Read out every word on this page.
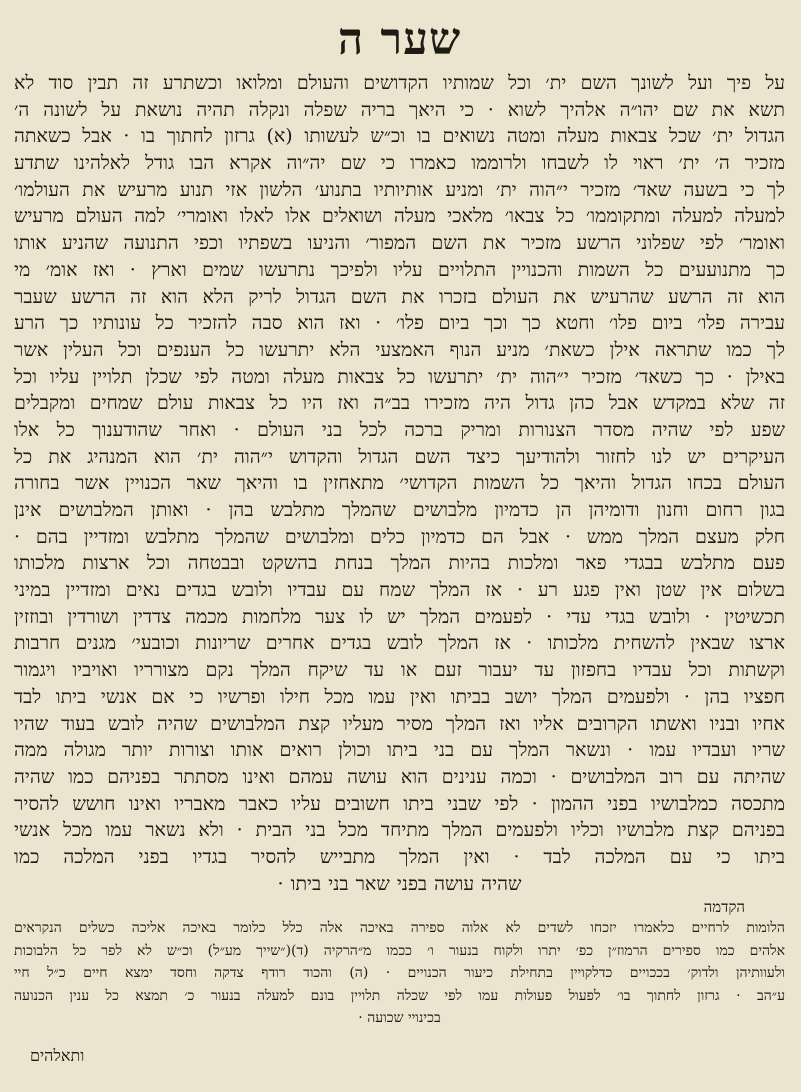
שער ה
על פיך ועל לשונך השם ית׳ וכל שמותיו הקדושים והעולם ומלואו וכשתרע זה תבין סוד לא
תשא את שם יהו״ה אלהיך לשוא · כי היאך בריה שפלה ונקלה תהיה נושאת על לשונה ה׳
הגדול ית׳ שכל צבאות מעלה ומטה נשואים בו וכ״ש לעשותו (א) גרזון לחתוך בו · אבל כשאתה
מזכיר ה׳ ית׳ ראוי לו לשבחו ולרוממו כאמרו כי שם יה״וה אקרא הבו גודל לאלהינו שתדע
לך כי בשעה שאד׳ מזכיר י״הוה ית׳ ומניע אותיותיו בתנוע׳ הלשון אזי תנוע מרעיש את העולמו׳
למעלה למעלה ומתקוממו׳ כל צבאו׳ מלאכי מעלה ושואלים אלו לאלו ואומרי׳ למה העולם מרעיש
ואומר׳ לפי שפלוני הרשע מזכיר את השם המפור׳ והניעו בשפתיו וכפי התנועה שהניע אותו
כך מתנועעים כל השמות והכנויין התלויים עליו ולפיכך נתרעשו שמים וארץ · ואז אומ׳ מי
הוא זה הרשע שהרעיש את העולם בזכרו את השם הגדול לריק הלא הוא זה הרשע שעבר
עבירה פלו׳ ביום פלו׳ וחטא כך וכך ביום פלו׳ · ואז הוא סבה להזכיר כל עונותיו כך הרע
לך כמו שתראה אילן כשאת׳ מניע הנוף האמצעי הלא יתרעשו כל הענפים וכל העלין אשר
באילן · כך כשאד׳ מזכיר י״הוה ית׳ יתרעשו כל צבאות מעלה ומטה לפי שכלן תלויין עליו וכל
זה שלא במקדש אבל כהן גדול היה מזכירו בב״ה ואז היו כל צבאות עולם שמחים ומקבלים
שפע לפי שהיה מסדר הצנורות ומריק ברכה לכל בני העולם · ואחר שהודענוך כל אלו
העיקרים יש לנו לחזור ולהודיעך כיצד השם הגדול והקדוש י״הוה ית׳ הוא המנהיג את כל
העולם בכחו הגדול והיאך כל השמות הקדושי׳ מתאחזין בו והיאך שאר הכנויין אשר בחורה
בגון רחום וחנון ודומיהן הן כדמיון מלבושים שהמלך מתלבש בהן · ואותן המלבושים אינן
חלק מעצם המלך ממש · אבל הם כדמיון כלים ומלבושים שהמלך מתלבש ומזדיין בהם ·
פעם מתלבש בבגדי פאר ומלכות בהיות המלך בנחת בהשקט ובבטחה וכל ארצות מלכותו
בשלום אין שטן ואין פגע רע · אז המלך שמח עם עבדיו ולובש בגדים נאים ומזדיין במיני
תכשיטין · ולובש בגדי עדי · לפעמים המלך יש לו צער מלחמות מכמה צדדין ושורדין ובוזזין
ארצו שבאין להשחית מלכותו · אז המלך לובש בגדים אחרים שריונות וכובעי׳ מגנים חרבות
וקשתות וכל עבדיו בחפזון עד יעבור זעם או עד שיקח המלך נקם מצורריו ואויביו ויגמור
חפציו בהן · ולפעמים המלך יושב בביתו ואין עמו מכל חילו ופרשיו כי אם אנשי ביתו לבד
אחיו ובניו ואשתו הקרובים אליו ואז המלך מסיר מעליו קצת המלבושים שהיה לובש בעוד שהיו
שריו ועבדיו עמו · ונשאר המלך עם בני ביתו וכולן רואים אותו וצורות יותר מגולה ממה
שהיתה עם רוב המלבושים · וכמה ענינים הוא עושה עמהם ואינו מסתתר בפניהם כמו שהיה
מתכסה כמלבושיו בפני ההמון · לפי שבני ביתו חשובים עליו כאבר מאבריו ואינו חושש להסיר
בפניהם קצת מלבושיו וכליו ולפעמים המלך מתיחד מכל בני הבית · ולא נשאר עמו מכל אנשי
ביתו כי עם המלכה לבד · ואין המלך מתבייש להסיר בגדיו בפני המלכה כמו
שהיה עושה בפני שאר בני ביתו ·
הקדמה
הלומות לרחיים כלאמרו יזכחו לשדים לא אלוה ספירה באיכה אלה כלל כלומר באיכה אליכה כשלים הנקראים
אלהים כמו ספירים הרמוז״ן כפ׳ יתרו ולקוח בנעור ו׳ ככמו מ״הרקיה (ד)(״שייך מע״ל) וכ״ש לא לפר כל הלבוכות
ולעוותיהן ולדוק׳ בככויים כדלקויין בתחילת כיעור הכנויים · (ה) והכוד רודף צדקה וחסד ימצא חיים כ״ל חיי
ע״הב · גרזון לחתוך בו׳ לפעול פעולות עמו לפי שכלה תלויין בונם למעלה בנעור כ׳ תמצא כל ענין הכנועה
בכינויי שכועה ·
ותאלהים
